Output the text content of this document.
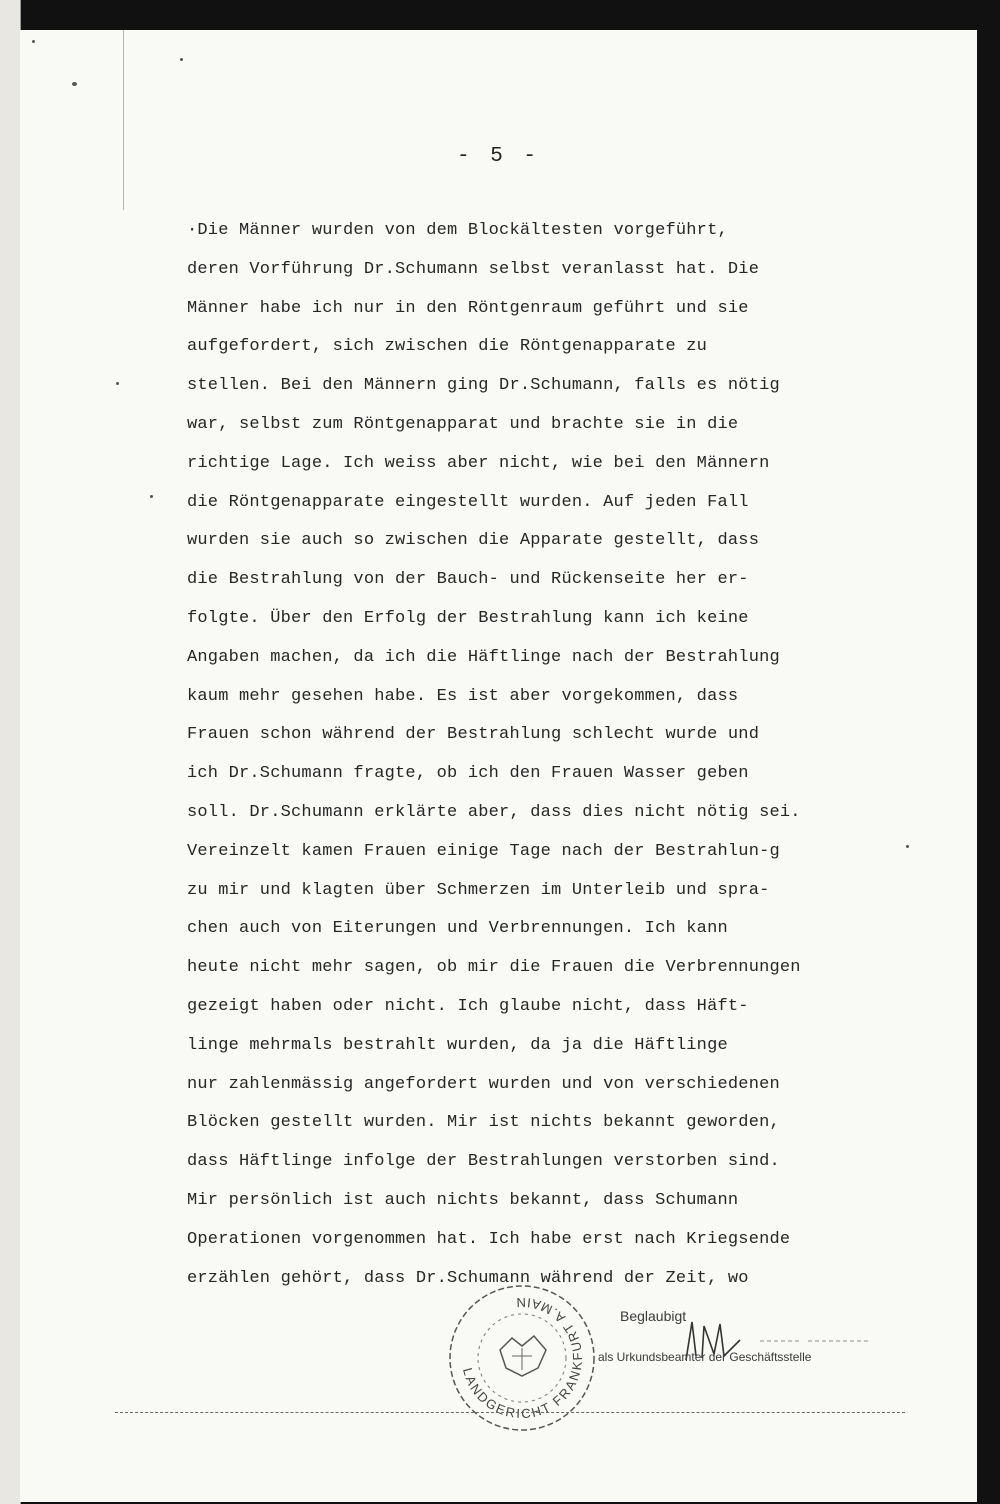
- 5 -
·Die Männer wurden von dem Blockältesten vorgeführt,
deren Vorführung Dr.Schumann selbst veranlasst hat. Die
Männer habe ich nur in den Röntgenraum geführt und sie
aufgefordert, sich zwischen die Röntgenapparate zu
stellen. Bei den Männern ging Dr.Schumann, falls es nötig
war, selbst zum Röntgenapparat und brachte sie in die
richtige Lage. Ich weiss aber nicht, wie bei den Männern
die Röntgenapparate eingestellt wurden. Auf jeden Fall
wurden sie auch so zwischen die Apparate gestellt, dass
die Bestrahlung von der Bauch- und Rückenseite her er-
folgte. Über den Erfolg der Bestrahlung kann ich keine
Angaben machen, da ich die Häftlinge nach der Bestrahlung
kaum mehr gesehen habe. Es ist aber vorgekommen, dass
Frauen schon während der Bestrahlung schlecht wurde und
ich Dr.Schumann fragte, ob ich den Frauen Wasser geben
soll. Dr.Schumann erklärte aber, dass dies nicht nötig sei.
Vereinzelt kamen Frauen einige Tage nach der Bestrahlun-g
zu mir und klagten über Schmerzen im Unterleib und spra-
chen auch von Eiterungen und Verbrennungen. Ich kann
heute nicht mehr sagen, ob mir die Frauen die Verbrennungen
gezeigt haben oder nicht. Ich glaube nicht, dass Häft-
linge mehrmals bestrahlt wurden, da ja die Häftlinge
nur zahlenmässig angefordert wurden und von verschiedenen
Blöcken gestellt wurden. Mir ist nichts bekannt geworden,
dass Häftlinge infolge der Bestrahlungen verstorben sind.
Mir persönlich ist auch nichts bekannt, dass Schumann
Operationen vorgenommen hat. Ich habe erst nach Kriegsende
erzählen gehört, dass Dr.Schumann während der Zeit, wo
LANDGERICHT FRANKFURT A.MAIN
Beglaubigt
als Urkundsbeamter der Geschäftsstelle
